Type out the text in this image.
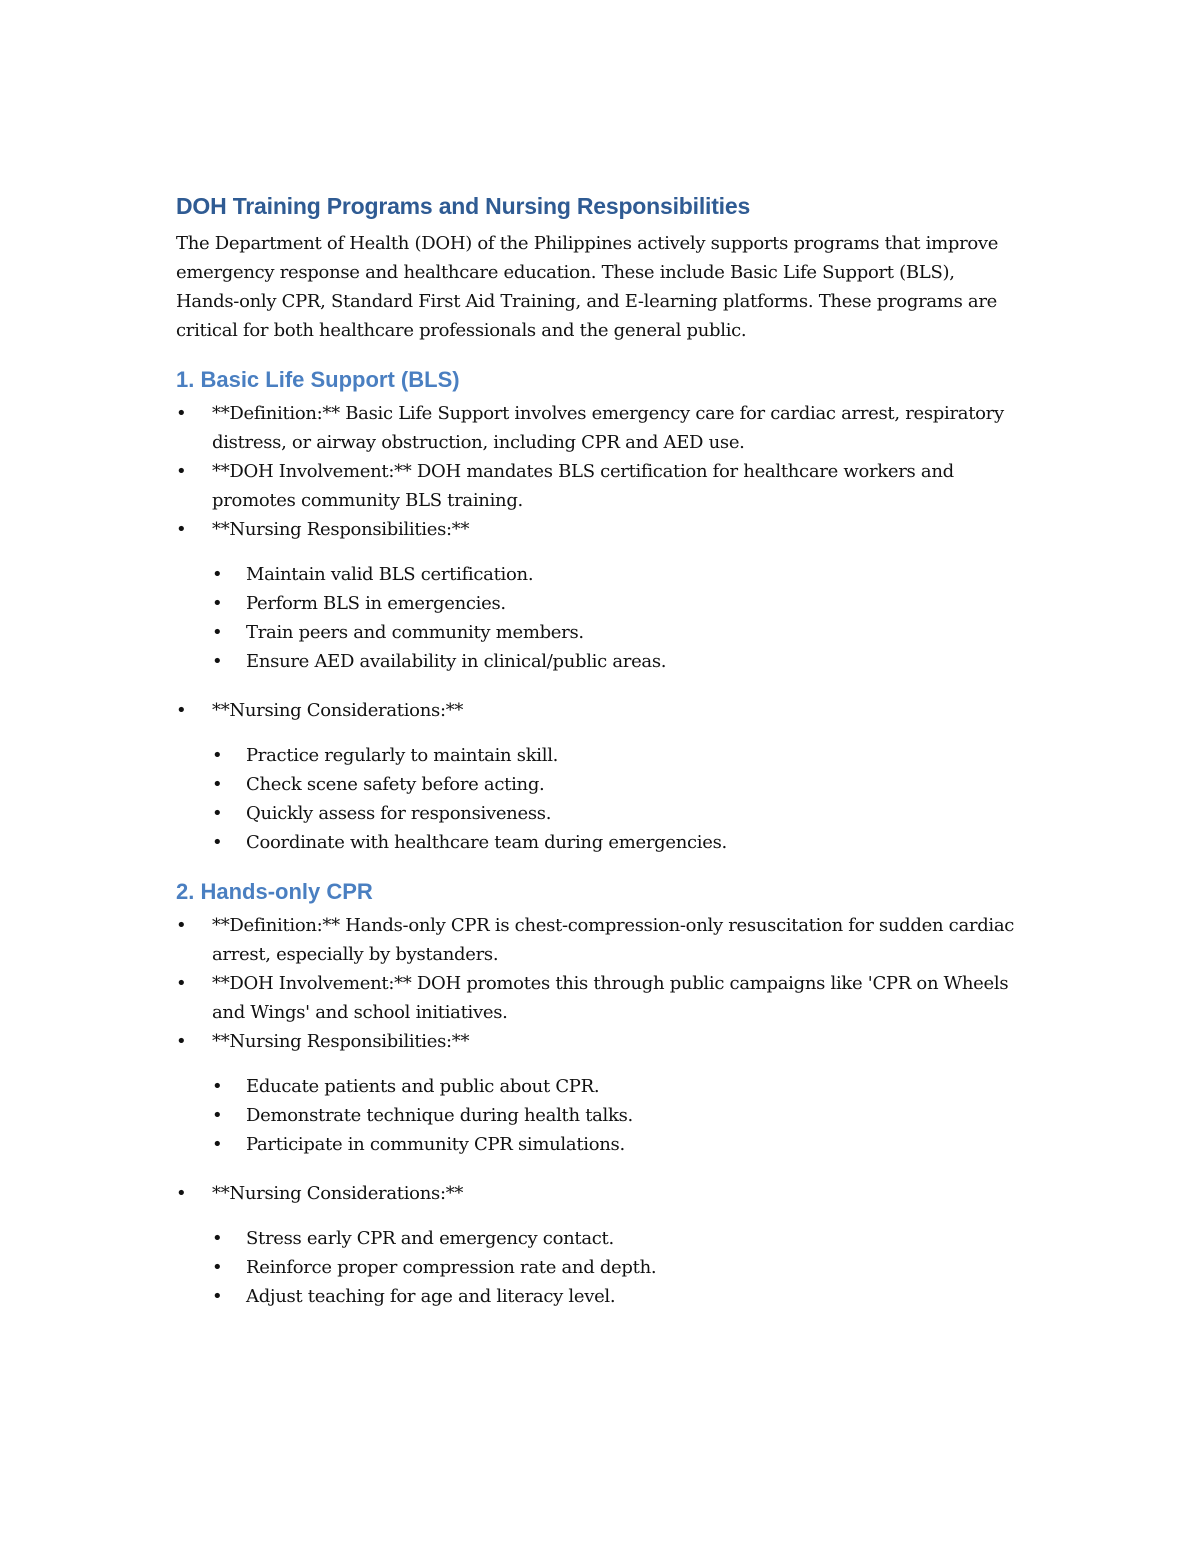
DOH Training Programs and Nursing Responsibilities

The Department of Health (DOH) of the Philippines actively supports programs that improve emergency response and healthcare education. These include Basic Life Support (BLS), Hands-only CPR, Standard First Aid Training, and E-learning platforms. These programs are critical for both healthcare professionals and the general public.

1. Basic Life Support (BLS)
• **Definition:** Basic Life Support involves emergency care for cardiac arrest, respiratory distress, or airway obstruction, including CPR and AED use.
• **DOH Involvement:** DOH mandates BLS certification for healthcare workers and promotes community BLS training.
• **Nursing Responsibilities:**
• Maintain valid BLS certification.
• Perform BLS in emergencies.
• Train peers and community members.
• Ensure AED availability in clinical/public areas.
• **Nursing Considerations:**
• Practice regularly to maintain skill.
• Check scene safety before acting.
• Quickly assess for responsiveness.
• Coordinate with healthcare team during emergencies.
2. Hands-only CPR
• **Definition:** Hands-only CPR is chest-compression-only resuscitation for sudden cardiac arrest, especially by bystanders.
• **DOH Involvement:** DOH promotes this through public campaigns like 'CPR on Wheels and Wings' and school initiatives.
• **Nursing Responsibilities:**
• Educate patients and public about CPR.
• Demonstrate technique during health talks.
• Participate in community CPR simulations.
• **Nursing Considerations:**
• Stress early CPR and emergency contact.
• Reinforce proper compression rate and depth.
• Adjust teaching for age and literacy level.
